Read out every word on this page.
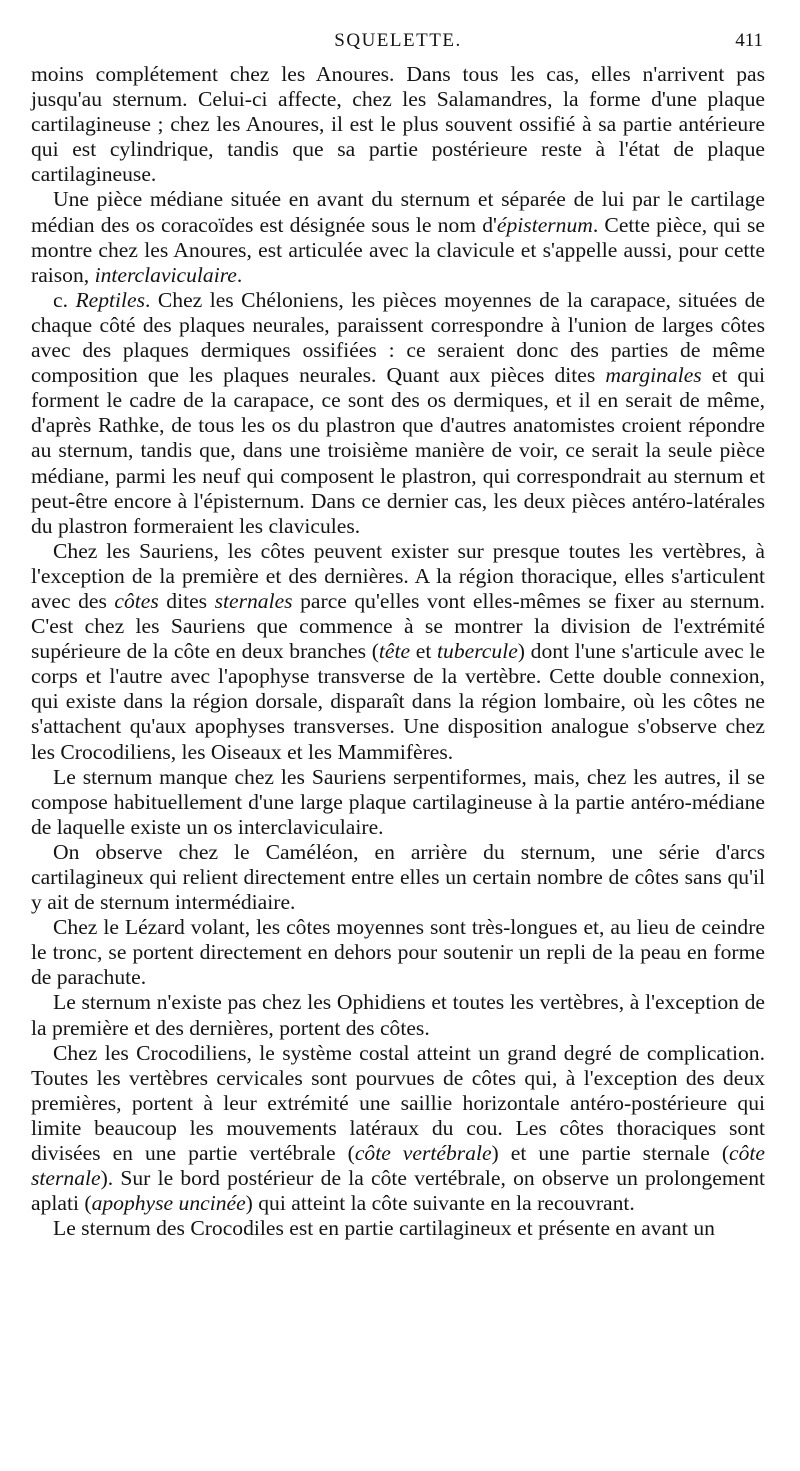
SQUELETTE.	411

moins complétement chez les Anoures. Dans tous les cas, elles n'arrivent pas jusqu'au sternum. Celui-ci affecte, chez les Salamandres, la forme d'une plaque cartilagineuse ; chez les Anoures, il est le plus souvent ossifié à sa partie antérieure qui est cylindrique, tandis que sa partie postérieure reste à l'état de plaque cartilagineuse.

Une pièce médiane située en avant du sternum et séparée de lui par le cartilage médian des os coracoïdes est désignée sous le nom d'épisternum. Cette pièce, qui se montre chez les Anoures, est articulée avec la clavicule et s'appelle aussi, pour cette raison, interclaviculaire.

c. Reptiles. Chez les Chéloniens, les pièces moyennes de la carapace, situées de chaque côté des plaques neurales, paraissent correspondre à l'union de larges côtes avec des plaques dermiques ossifiées : ce seraient donc des parties de même composition que les plaques neurales. Quant aux pièces dites marginales et qui forment le cadre de la carapace, ce sont des os dermiques, et il en serait de même, d'après Rathke, de tous les os du plastron que d'autres anatomistes croient répondre au sternum, tandis que, dans une troisième manière de voir, ce serait la seule pièce médiane, parmi les neuf qui composent le plastron, qui correspondrait au sternum et peut-être encore à l'épisternum. Dans ce dernier cas, les deux pièces antéro-latérales du plastron formeraient les clavicules.

Chez les Sauriens, les côtes peuvent exister sur presque toutes les vertèbres, à l'exception de la première et des dernières. A la région thoracique, elles s'articulent avec des côtes dites sternales parce qu'elles vont elles-mêmes se fixer au sternum. C'est chez les Sauriens que commence à se montrer la division de l'extrémité supérieure de la côte en deux branches (tête et tubercule) dont l'une s'articule avec le corps et l'autre avec l'apophyse transverse de la vertèbre. Cette double connexion, qui existe dans la région dorsale, disparaît dans la région lombaire, où les côtes ne s'attachent qu'aux apophyses transverses. Une disposition analogue s'observe chez les Crocodiliens, les Oiseaux et les Mammifères.

Le sternum manque chez les Sauriens serpentiformes, mais, chez les autres, il se compose habituellement d'une large plaque cartilagineuse à la partie antéro-médiane de laquelle existe un os interclaviculaire.

On observe chez le Caméléon, en arrière du sternum, une série d'arcs cartilagineux qui relient directement entre elles un certain nombre de côtes sans qu'il y ait de sternum intermédiaire.

Chez le Lézard volant, les côtes moyennes sont très-longues et, au lieu de ceindre le tronc, se portent directement en dehors pour soutenir un repli de la peau en forme de parachute.

Le sternum n'existe pas chez les Ophidiens et toutes les vertèbres, à l'exception de la première et des dernières, portent des côtes.

Chez les Crocodiliens, le système costal atteint un grand degré de complication. Toutes les vertèbres cervicales sont pourvues de côtes qui, à l'exception des deux premières, portent à leur extrémité une saillie horizontale antéro-postérieure qui limite beaucoup les mouvements latéraux du cou. Les côtes thoraciques sont divisées en une partie vertébrale (côte vertébrale) et une partie sternale (côte sternale). Sur le bord postérieur de la côte vertébrale, on observe un prolongement aplati (apophyse uncinée) qui atteint la côte suivante en la recouvrant.

Le sternum des Crocodiles est en partie cartilagineux et présente en avant un
